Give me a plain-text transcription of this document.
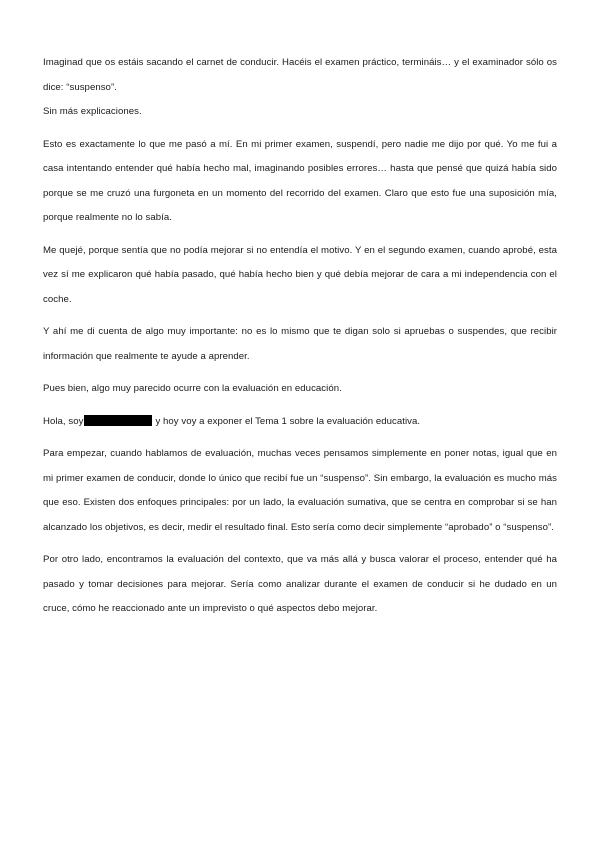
Imaginad que os estáis sacando el carnet de conducir. Hacéis el examen práctico, termináis… y el examinador sólo os dice: “suspenso”.

Sin más explicaciones.

Esto es exactamente lo que me pasó a mí. En mi primer examen, suspendí, pero nadie me dijo por qué. Yo me fui a casa intentando entender qué había hecho mal, imaginando posibles errores… hasta que pensé que quizá había sido porque se me cruzó una furgoneta en un momento del recorrido del examen. Claro que esto fue una suposición mía, porque realmente no lo sabía.

Me quejé, porque sentía que no podía mejorar si no entendía el motivo. Y en el segundo examen, cuando aprobé, esta vez sí me explicaron qué había pasado, qué había hecho bien y qué debía mejorar de cara a mi independencia con el coche.

Y ahí me di cuenta de algo muy importante: no es lo mismo que te digan solo si apruebas o suspendes, que recibir información que realmente te ayude a aprender.

Pues bien, algo muy parecido ocurre con la evaluación en educación.

Hola, soy	y hoy voy a exponer el Tema 1 sobre la evaluación educativa.

Para empezar, cuando hablamos de evaluación, muchas veces pensamos simplemente en poner notas, igual que en mi primer examen de conducir, donde lo único que recibí fue un “suspenso”. Sin embargo, la evaluación es mucho más que eso. Existen dos enfoques principales: por un lado, la evaluación sumativa, que se centra en comprobar si se han alcanzado los objetivos, es decir, medir el resultado final. Esto sería como decir simplemente “aprobado” o “suspenso”.

Por otro lado, encontramos la evaluación del contexto, que va más allá y busca valorar el proceso, entender qué ha pasado y tomar decisiones para mejorar. Sería como analizar durante el examen de conducir si he dudado en un cruce, cómo he reaccionado ante un imprevisto o qué aspectos debo mejorar.
